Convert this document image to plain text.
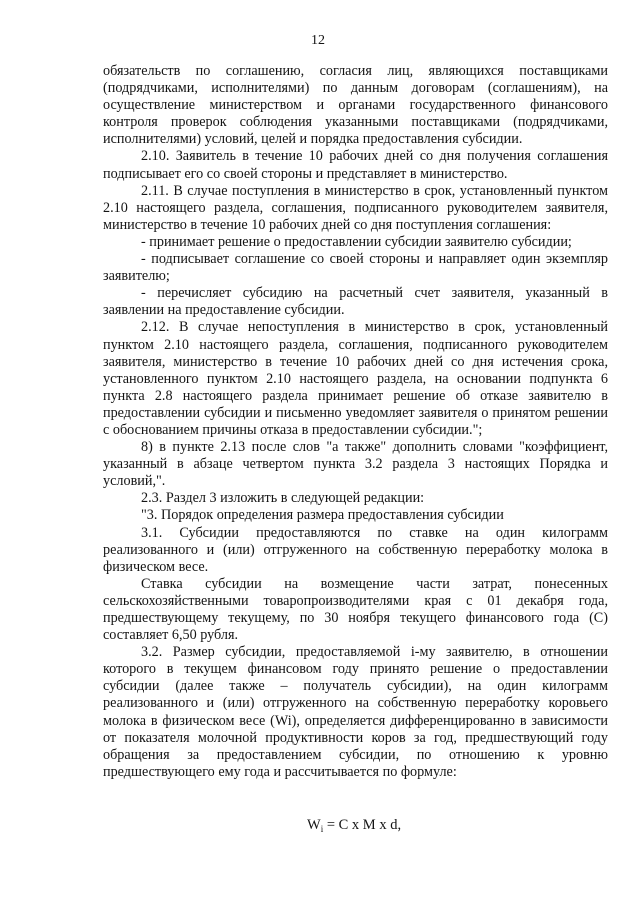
12

обязательств по соглашению, согласия лиц, являющихся поставщиками (подрядчиками, исполнителями) по данным договорам (соглашениям), на осуществление министерством и органами государственного финансового контроля проверок соблюдения указанными поставщиками (подрядчиками, исполнителями) условий, целей и порядка предоставления субсидии.

2.10. Заявитель в течение 10 рабочих дней со дня получения соглашения подписывает его со своей стороны и представляет в министерство.

2.11. В случае поступления в министерство в срок, установленный пунктом 2.10 настоящего раздела, соглашения, подписанного руководителем заявителя, министерство в течение 10 рабочих дней со дня поступления соглашения:

- принимает решение о предоставлении субсидии заявителю субсидии;

- подписывает соглашение со своей стороны и направляет один экземпляр заявителю;

- перечисляет субсидию на расчетный счет заявителя, указанный в заявлении на предоставление субсидии.

2.12. В случае непоступления в министерство в срок, установленный пунктом 2.10 настоящего раздела, соглашения, подписанного руководителем заявителя, министерство в течение 10 рабочих дней со дня истечения срока, установленного пунктом 2.10 настоящего раздела, на основании подпункта 6 пункта 2.8 настоящего раздела принимает решение об отказе заявителю в предоставлении субсидии и письменно уведомляет заявителя о принятом решении с обоснованием причины отказа в предоставлении субсидии.";

8) в пункте 2.13 после слов "а также" дополнить словами "коэффициент, указанный в абзаце четвертом пункта 3.2 раздела 3 настоящих Порядка и условий,".

2.3. Раздел 3 изложить в следующей редакции:

"3. Порядок определения размера предоставления субсидии

3.1. Субсидии предоставляются по ставке на один килограмм реализованного и (или) отгруженного на собственную переработку молока в физическом весе.

Ставка субсидии на возмещение части затрат, понесенных сельскохозяйственными товаропроизводителями края с 01 декабря года, предшествующему текущему, по 30 ноября текущего финансового года (С) составляет 6,50 рубля.

3.2. Размер субсидии, предоставляемой i-му заявителю, в отношении которого в текущем финансовом году принято решение о предоставлении субсидии (далее также – получатель субсидии), на один килограмм реализованного и (или) отгруженного на собственную переработку коровьего молока в физическом весе (Wi), определяется дифференцированно в зависимости от показателя молочной продуктивности коров за год, предшествующий году обращения за предоставлением субсидии, по отношению к уровню предшествующего ему года и рассчитывается по формуле:

$W_i = C$ x M x d,
